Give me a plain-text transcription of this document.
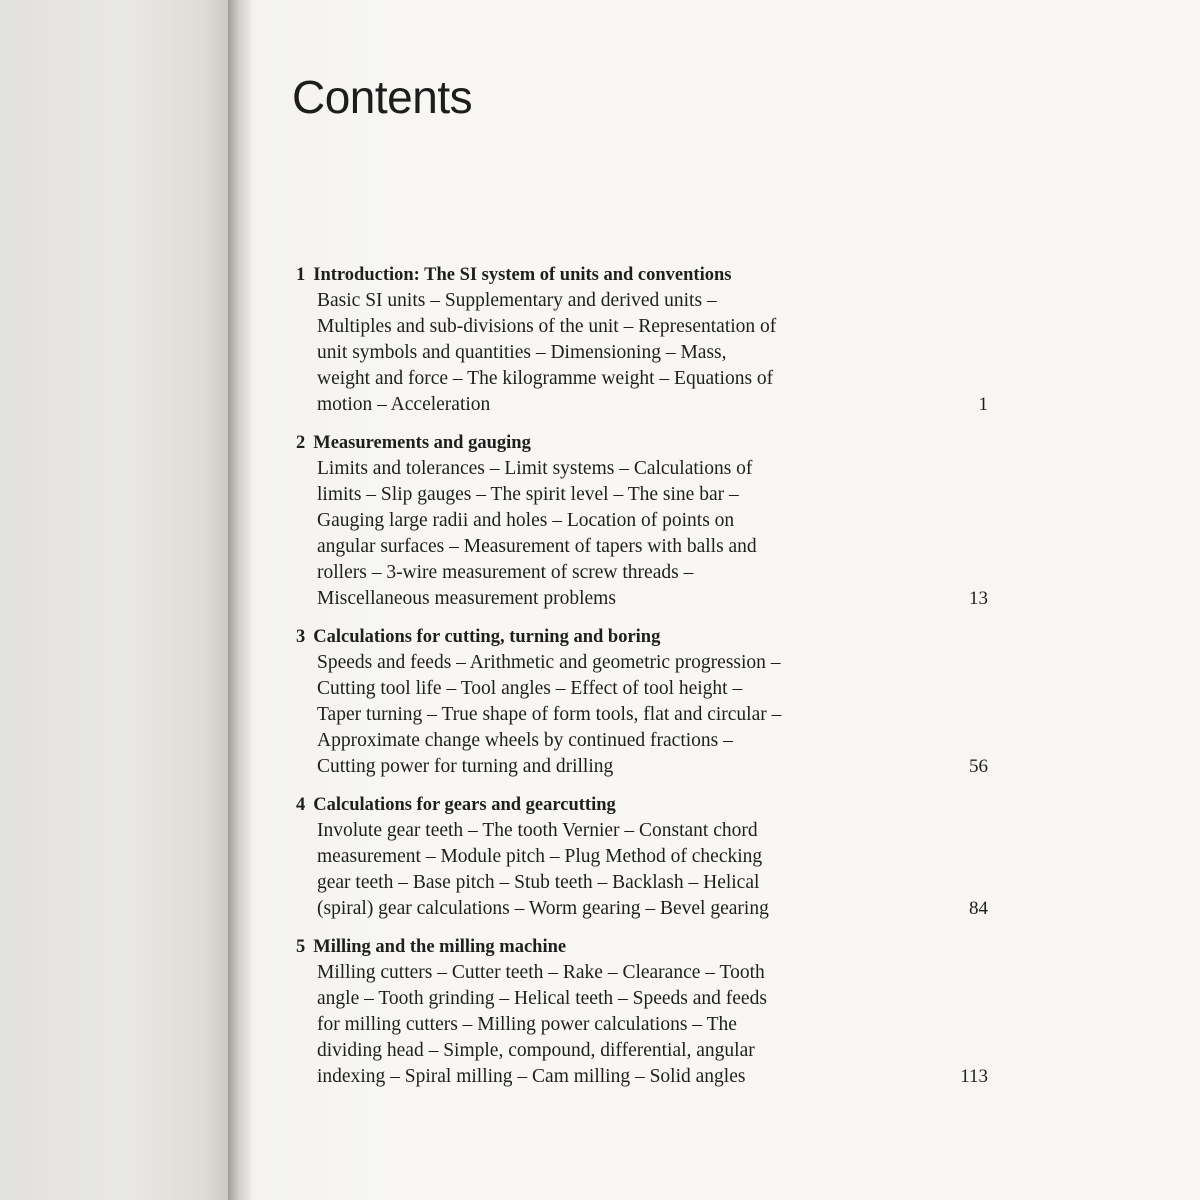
Contents
1 Introduction: The SI system of units and conventions
Basic SI units – Supplementary and derived units –
Multiples and sub-divisions of the unit – Representation of
unit symbols and quantities – Dimensioning – Mass,
weight and force – The kilogramme weight – Equations of
motion – Acceleration	1
2 Measurements and gauging
Limits and tolerances – Limit systems – Calculations of
limits – Slip gauges – The spirit level – The sine bar –
Gauging large radii and holes – Location of points on
angular surfaces – Measurement of tapers with balls and
rollers – 3-wire measurement of screw threads –
Miscellaneous measurement problems	13
3 Calculations for cutting, turning and boring
Speeds and feeds – Arithmetic and geometric progression –
Cutting tool life – Tool angles – Effect of tool height –
Taper turning – True shape of form tools, flat and circular –
Approximate change wheels by continued fractions –
Cutting power for turning and drilling	56
4 Calculations for gears and gearcutting
Involute gear teeth – The tooth Vernier – Constant chord
measurement – Module pitch – Plug Method of checking
gear teeth – Base pitch – Stub teeth – Backlash – Helical
(spiral) gear calculations – Worm gearing – Bevel gearing	84
5 Milling and the milling machine
Milling cutters – Cutter teeth – Rake – Clearance – Tooth
angle – Tooth grinding – Helical teeth – Speeds and feeds
for milling cutters – Milling power calculations – The
dividing head – Simple, compound, differential, angular
indexing – Spiral milling – Cam milling – Solid angles	113
